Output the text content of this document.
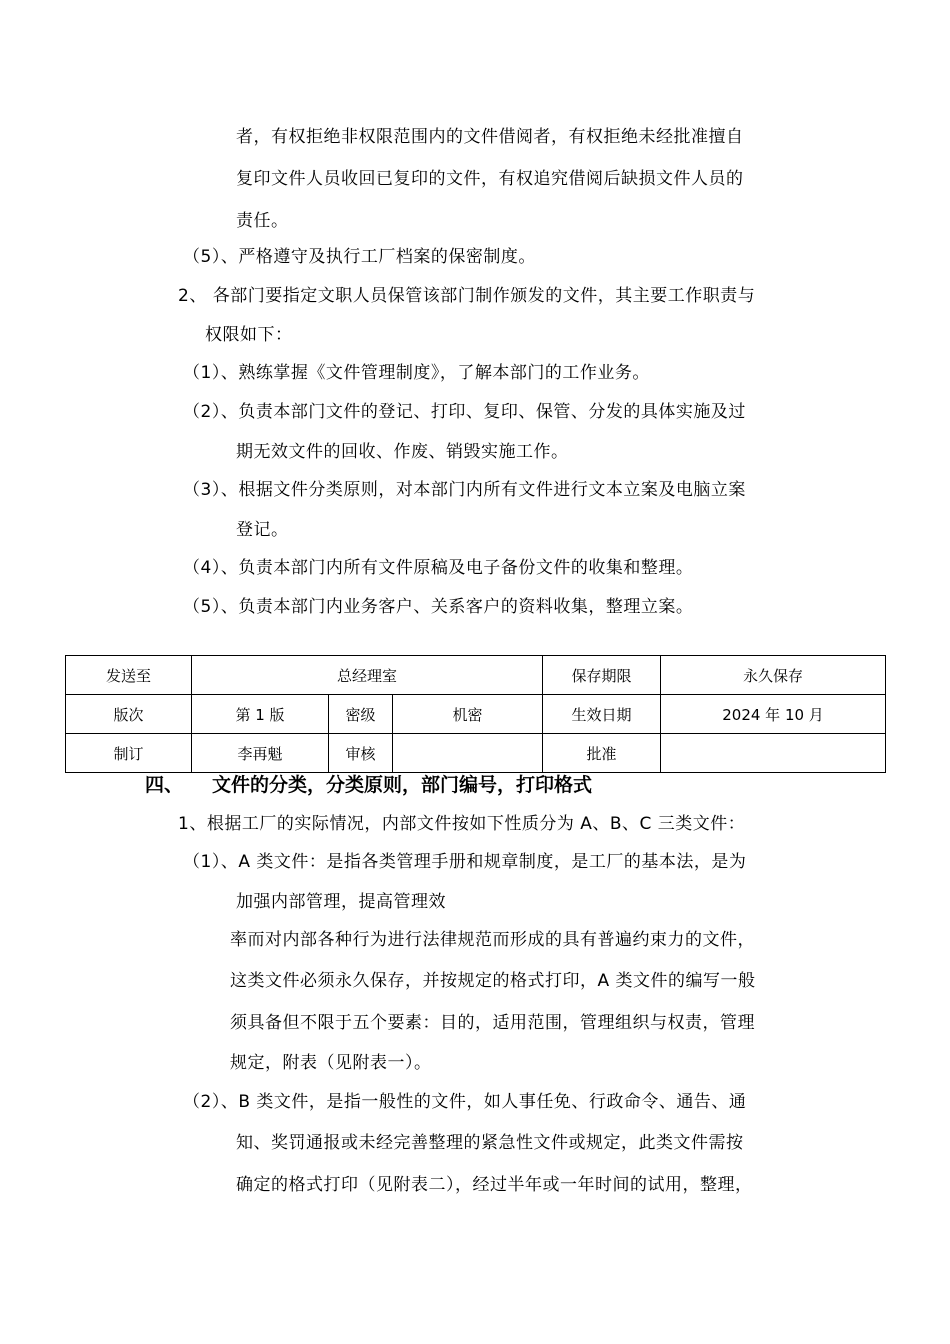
者，有权拒绝非权限范围内的文件借阅者，有权拒绝未经批准擅自
复印文件人员收回已复印的文件，有权追究借阅后缺损文件人员的
责任。
（5）、严格遵守及执行工厂档案的保密制度。
2、 各部门要指定文职人员保管该部门制作颁发的文件，其主要工作职责与
权限如下：
（1）、熟练掌握《文件管理制度》，了解本部门的工作业务。
（2）、负责本部门文件的登记、打印、复印、保管、分发的具体实施及过
期无效文件的回收、作废、销毁实施工作。
（3）、根据文件分类原则，对本部门内所有文件进行文本立案及电脑立案
登记。
（4）、负责本部门内所有文件原稿及电子备份文件的收集和整理。
（5）、负责本部门内业务客户、关系客户的资料收集，整理立案。
发送至	总经理室			保存期限	永久保存
版次	第 1 版	密级	机密	生效日期	2024 年 10 月
制订	李再魁	审核		批准	
四、 文件的分类，分类原则，部门编号，打印格式
1、根据工厂的实际情况，内部文件按如下性质分为 A、B、C 三类文件：
（1）、A 类文件：是指各类管理手册和规章制度，是工厂的基本法，是为
加强内部管理，提高管理效
率而对内部各种行为进行法律规范而形成的具有普遍约束力的文件，
这类文件必须永久保存，并按规定的格式打印，A 类文件的编写一般
须具备但不限于五个要素：目的，适用范围，管理组织与权责，管理
规定，附表（见附表一）。
（2）、B 类文件，是指一般性的文件，如人事任免、行政命令、通告、通
知、奖罚通报或未经完善整理的紧急性文件或规定，此类文件需按
确定的格式打印（见附表二），经过半年或一年时间的试用，整理，
